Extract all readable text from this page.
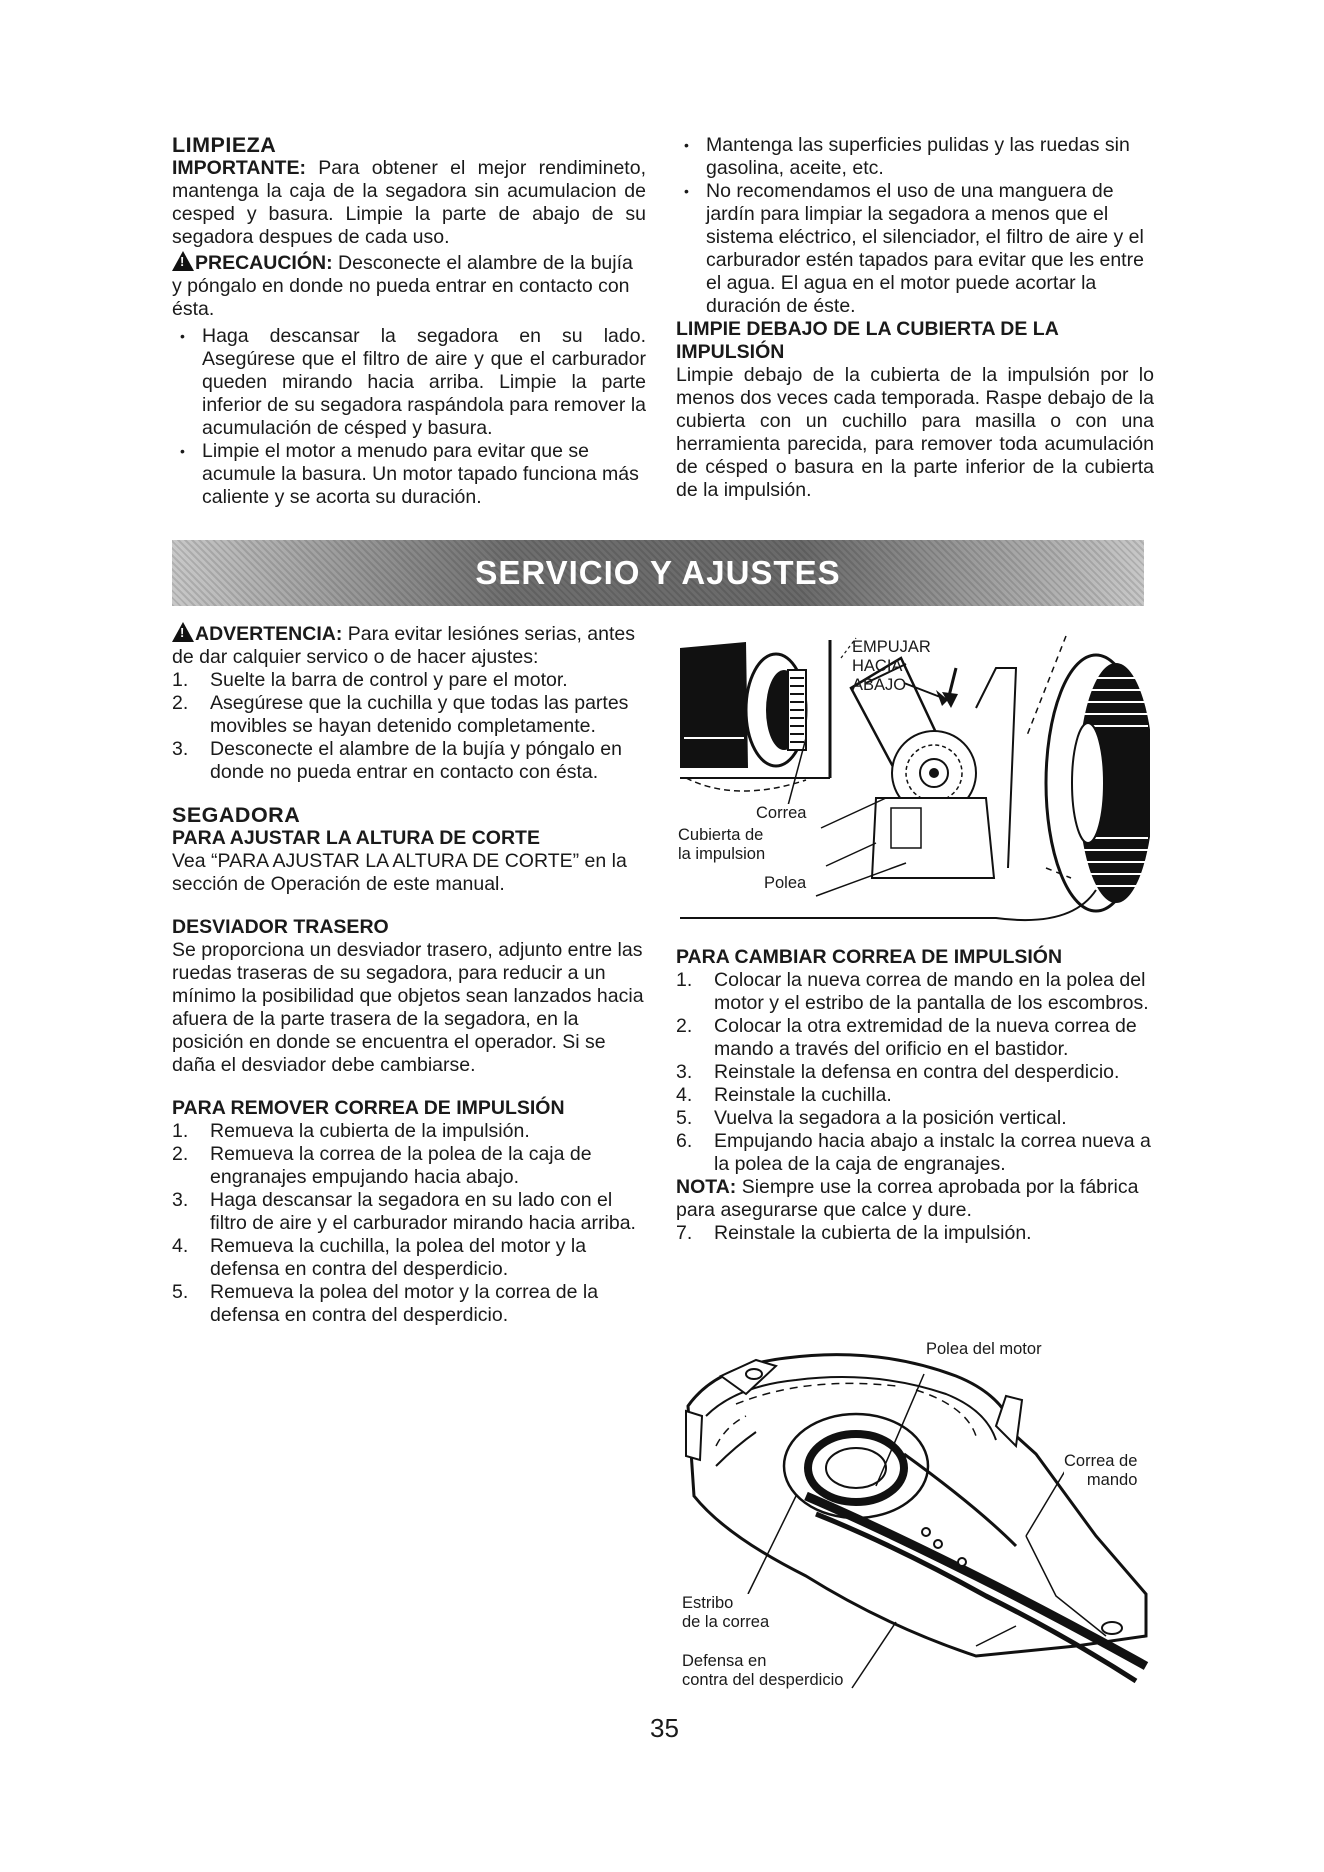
LIMPIEZA

IMPORTANTE: Para obtener el mejor rendimineto, mantenga la caja de la segadora sin acumulacion de cesped y basura. Limpie la parte de abajo de su segadora despues de cada uso.

!PRECAUCIÓN: Desconecte el alambre de la bujía y póngalo en donde no pueda entrar en contacto con ésta.

• Haga descansar la segadora en su lado. Asegúrese que el filtro de aire y que el carburador queden mirando hacia arriba. Limpie la parte inferior de su segadora raspándola para remover la acumulación de césped y basura.
• Limpie el motor a menudo para evitar que se acumule la basura. Un motor tapado funciona más caliente y se acorta su duración.
• Mantenga las superficies pulidas y las ruedas sin gasolina, aceite, etc.
• No recomendamos el uso de una manguera de jardín para limpiar la segadora a menos que el sistema eléctrico, el silenciador, el filtro de aire y el carburador estén tapados para evitar que les entre el agua. El agua en el motor puede acortar la duración de éste.

LIMPIE DEBAJO DE LA CUBIERTA DE LA IMPULSIÓN

Limpie debajo de la cubierta de la impulsión por lo menos dos veces cada temporada. Raspe debajo de la cubierta con un cuchillo para masilla o con una herramienta parecida, para remover toda acumulación de césped o basura en la parte inferior de la cubierta de la impulsión.

SERVICIO Y AJUSTES

!ADVERTENCIA: Para evitar lesiónes serias, antes de dar calquier servico o de hacer ajustes:

1. Suelte la barra de control y pare el motor.
2. Asegúrese que la cuchilla y que todas las partes movibles se hayan detenido completamente.
3. Desconecte el alambre de la bujía y póngalo en donde no pueda entrar en contacto con ésta.

SEGADORA

PARA AJUSTAR LA ALTURA DE CORTE

Vea “PARA AJUSTAR LA ALTURA DE CORTE” en la sección de Operación de este manual.

DESVIADOR TRASERO

Se proporciona un desviador trasero, adjunto entre las ruedas traseras de su segadora, para reducir a un mínimo la posibilidad que objetos sean lanzados hacia afuera de la parte trasera de la segadora, en la posición en donde se encuentra el operador. Si se daña el desviador debe cambiarse.

PARA REMOVER CORREA DE IMPULSIÓN

1. Remueva la cubierta de la impulsión.
2. Remueva la correa de la polea de la caja de engranajes empujando hacia abajo.
3. Haga descansar la segadora en su lado con el filtro de aire y el carburador mirando hacia arriba.
4. Remueva la cuchilla, la polea del motor y la defensa en contra del desperdicio.
5. Remueva la polea del motor y la correa de la defensa en contra del desperdicio.
EMPUJAR
HACIA
ABAJO
Correa
Cubierta de
la impulsion
Polea

PARA CAMBIAR CORREA DE IMPULSIÓN

1. Colocar la nueva correa de mando en la polea del motor y el estribo de la pantalla de los escombros.
2. Colocar la otra extremidad de la nueva correa de mando a través del orificio en el bastidor.
3. Reinstale la defensa en contra del desperdicio.
4. Reinstale la cuchilla.
5. Vuelva la segadora a la posición vertical.
6. Empujando hacia abajo a instalc la correa nueva a la polea de la caja de engranajes.

NOTA: Siempre use la correa aprobada por la fábrica para asegurarse que calce y dure.

7. Reinstale la cubierta de la impulsión.
Polea del motor
Correa de
mando
Estribo
de la correa
Defensa en
contra del desperdicio
35
